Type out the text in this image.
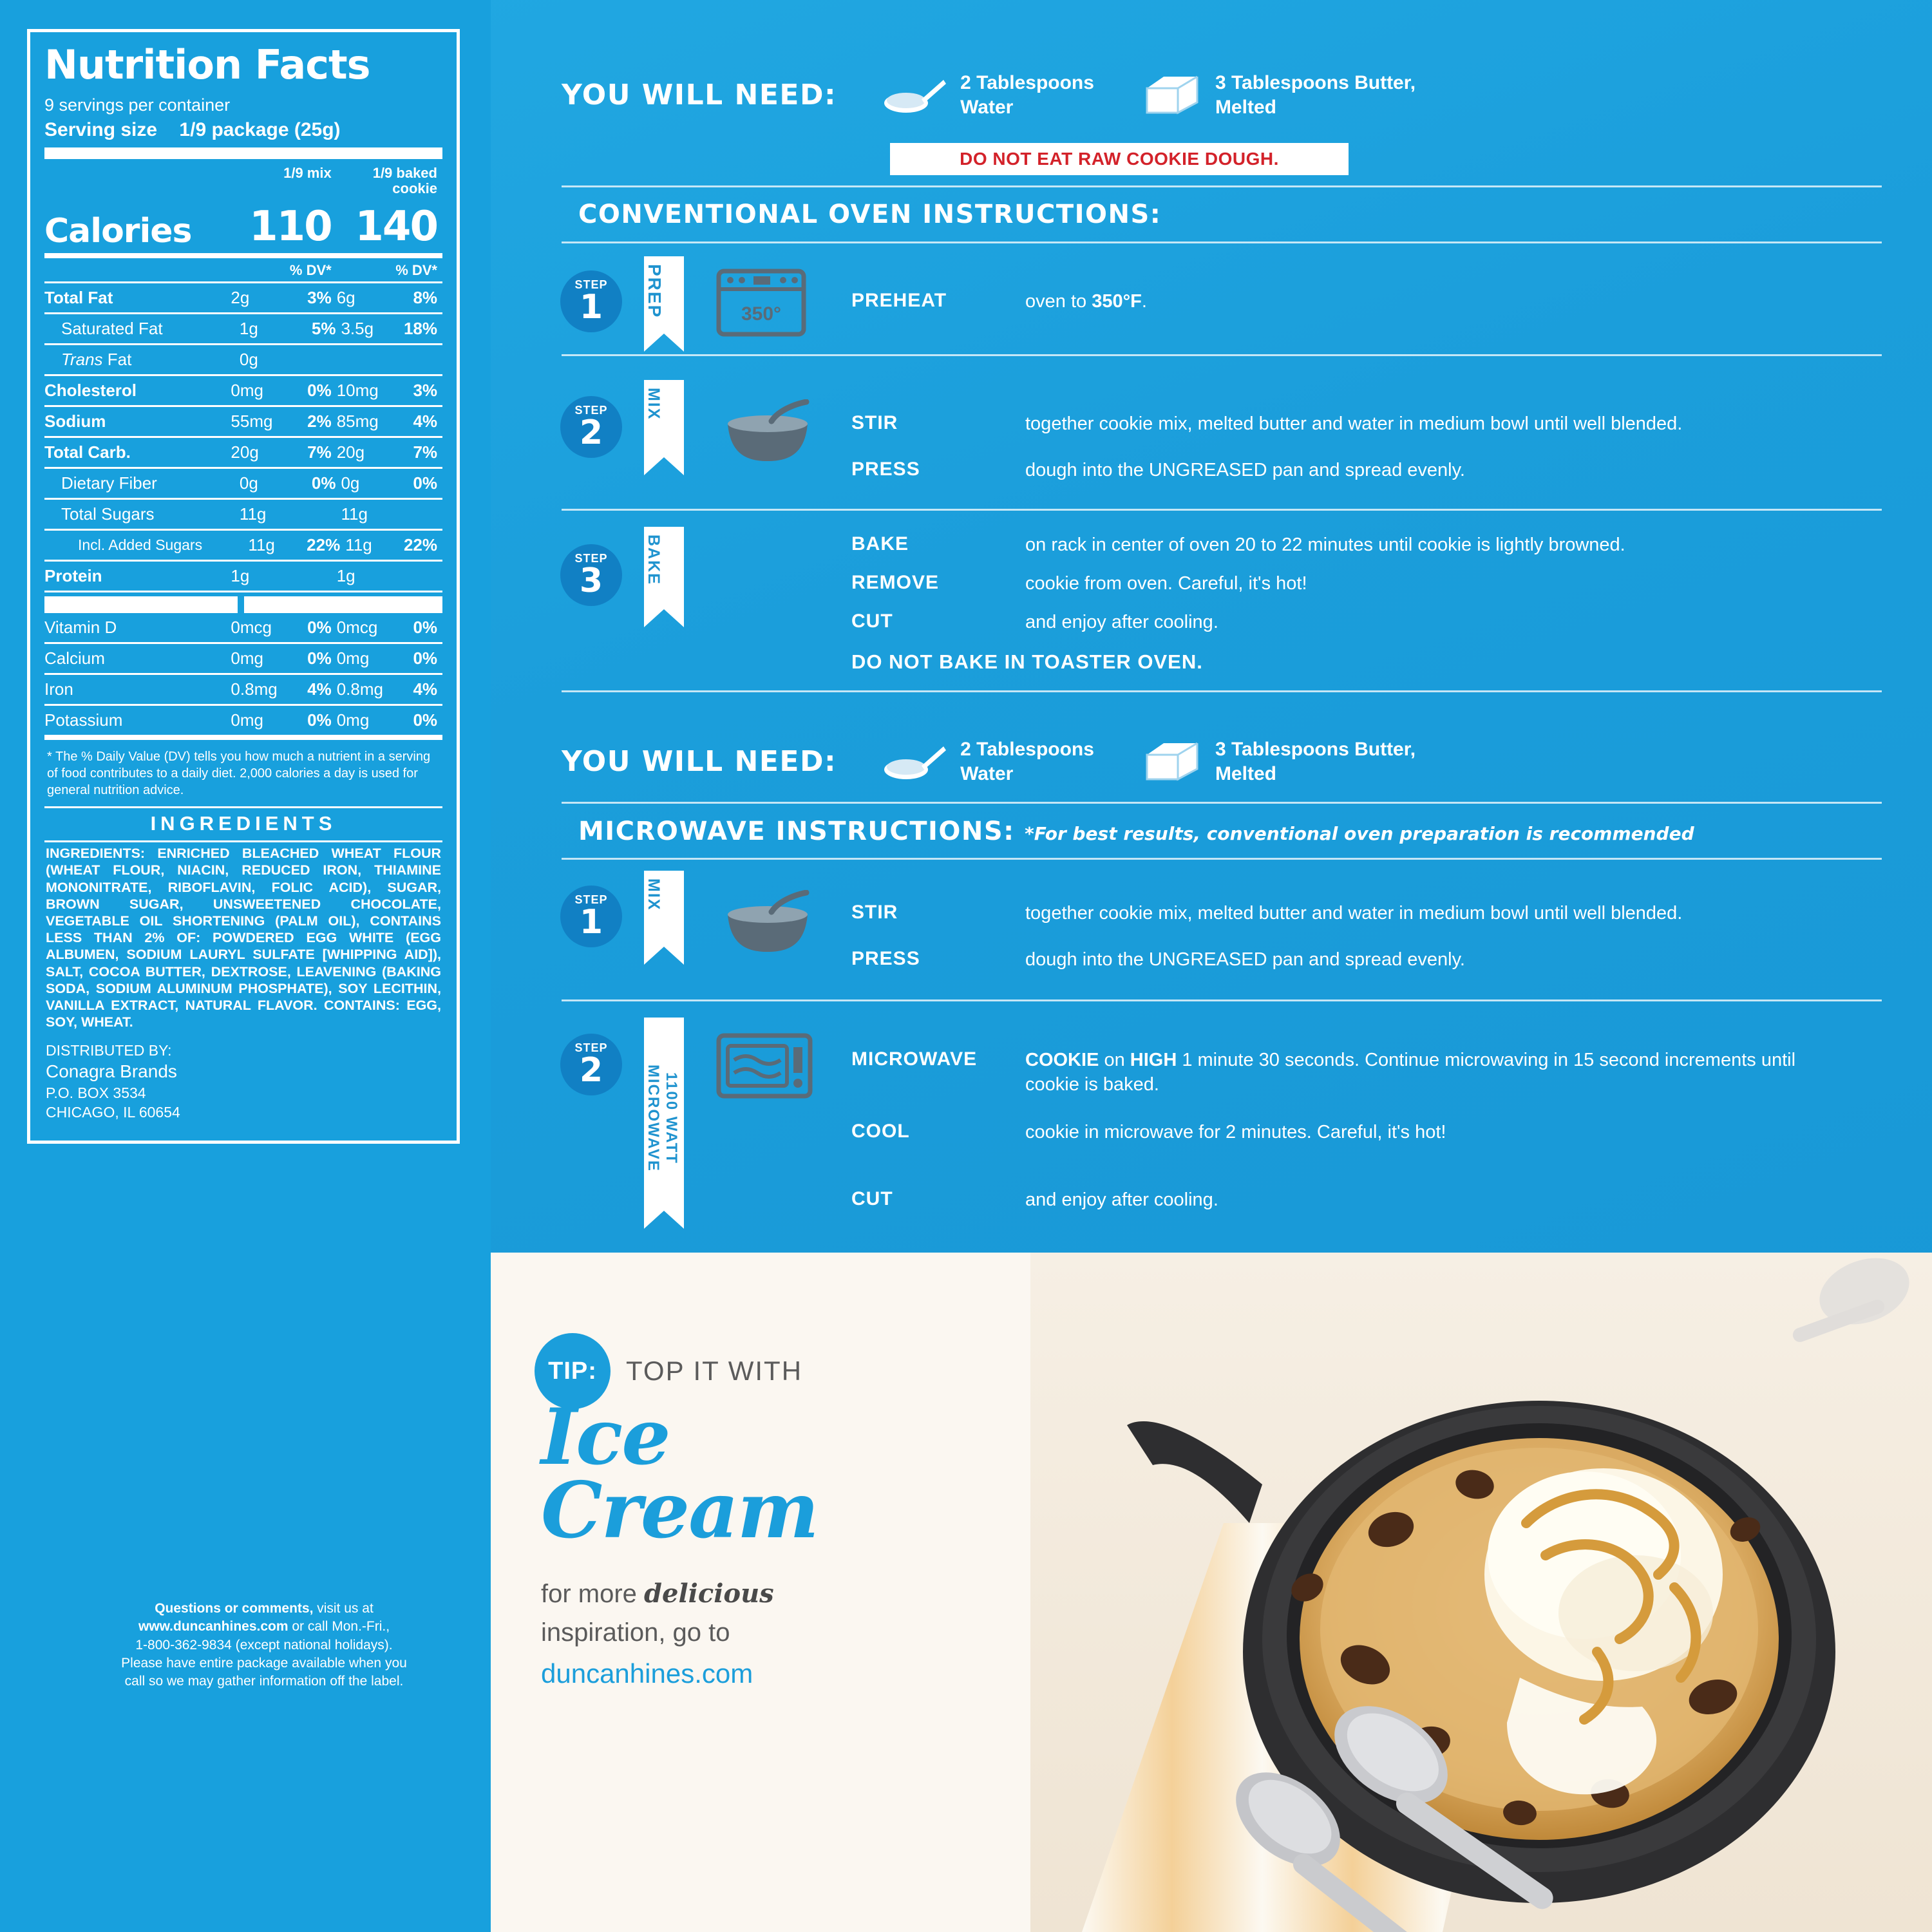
Nutrition Facts
9 servings per container
Serving size 1/9 package (25g)
1/9 mix	1/9 baked cookie
Calories	110 140
% DV*	% DV*
Total Fat	2g	3% 6g	8%
Saturated Fat	1g	5% 3.5g	18%
Trans Fat	0g
Cholesterol	0mg	0% 10mg	3%
Sodium	55mg	2% 85mg	4%
Total Carb.	20g	7% 20g	7%
Dietary Fiber	0g	0% 0g	0%
Total Sugars	11g	11g
Incl. Added Sugars	11g	22% 11g	22%
Protein	1g	1g
Vitamin D	0mcg	0% 0mcg	0%
Calcium	0mg	0% 0mg	0%
Iron	0.8mg	4% 0.8mg	4%
Potassium	0mg	0% 0mg	0%
* The % Daily Value (DV) tells you how much a nutrient in a serving of food contributes to a daily diet. 2,000 calories a day is used for general nutrition advice.
INGREDIENTS
INGREDIENTS: ENRICHED BLEACHED WHEAT FLOUR (WHEAT FLOUR, NIACIN, REDUCED IRON, THIAMINE MONONITRATE, RIBOFLAVIN, FOLIC ACID), SUGAR, BROWN SUGAR, UNSWEETENED CHOCOLATE, VEGETABLE OIL SHORTENING (PALM OIL), CONTAINS LESS THAN 2% OF: POWDERED EGG WHITE (EGG ALBUMEN, SODIUM LAURYL SULFATE [WHIPPING AID]), SALT, COCOA BUTTER, DEXTROSE, LEAVENING (BAKING SODA, SODIUM ALUMINUM PHOSPHATE), SOY LECITHIN, VANILLA EXTRACT, NATURAL FLAVOR. CONTAINS: EGG, SOY, WHEAT.
DISTRIBUTED BY:
Conagra Brands
P.O. BOX 3534
CHICAGO, IL 60654
Questions or comments, visit us at
www.duncanhines.com or call Mon.-Fri.,
1-800-362-9834 (except national holidays).
Please have entire package available when you
call so we may gather information off the label.
YOU WILL NEED:	2 Tablespoons
Water
3 Tablespoons Butter,
Melted
DO NOT EAT RAW COOKIE DOUGH.
CONVENTIONAL OVEN INSTRUCTIONS:
STEP
1 PREP	350°
PREHEAT	oven to 350°F.
STEP
2
MIX
STIR	together cookie mix, melted butter and water in medium bowl until well blended.
PRESS	dough into the UNGREASED pan and spread evenly.
STEP
3	BAKE	BAKE	on rack in center of oven 20 to 22 minutes until cookie is lightly browned.
REMOVE	cookie from oven. Careful, it's hot!
CUT	and enjoy after cooling.
DO NOT BAKE IN TOASTER OVEN.
YOU WILL NEED:	2 Tablespoons
Water
3 Tablespoons Butter,
Melted
MICROWAVE INSTRUCTIONS: *For best results, conventional oven preparation is recommended
STEP
1
MIX
STIR	together cookie mix, melted butter and water in medium bowl until well blended.
PRESS	dough into the UNGREASED pan and spread evenly.
STEP
2
1100 WATT MICROWAVE
MICROWAVE	COOKIE on HIGH 1 minute 30 seconds. Continue microwaving in 15 second increments until cookie is baked.
COOL	cookie in microwave for 2 minutes. Careful, it's hot!
CUT	and enjoy after cooling.
TIP:	TOP IT WITH
Ice
Cream
for more delicious
inspiration, go to
duncanhines.com
